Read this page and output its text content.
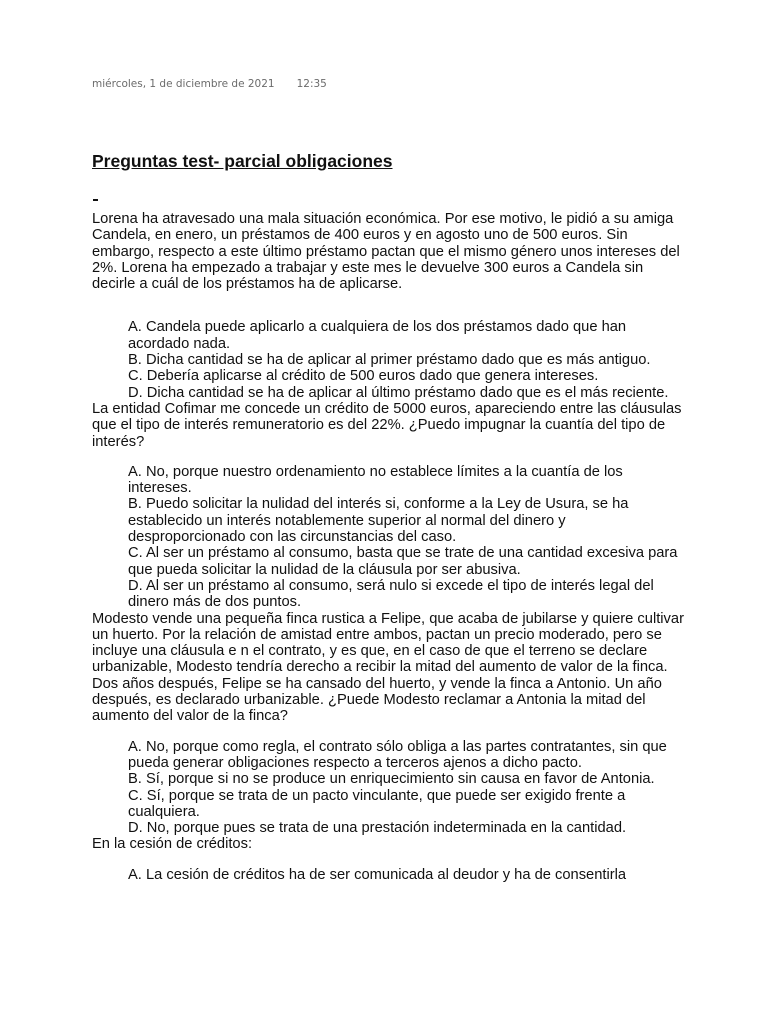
miércoles, 1 de diciembre de 2021 12:35
Preguntas test- parcial obligaciones

Lorena ha atravesado una mala situación económica. Por ese motivo, le pidió a su amiga Candela, en enero, un préstamos de 400 euros y en agosto uno de 500 euros. Sin embargo, respecto a este último préstamo pactan que el mismo género unos intereses del 2%. Lorena ha empezado a trabajar y este mes le devuelve 300 euros a Candela sin decirle a cuál de los préstamos ha de aplicarse.

A. Candela puede aplicarlo a cualquiera de los dos préstamos dado que han acordado nada.
B. Dicha cantidad se ha de aplicar al primer préstamo dado que es más antiguo.
C. Debería aplicarse al crédito de 500 euros dado que genera intereses.
D. Dicha cantidad se ha de aplicar al último préstamo dado que es el más reciente.

La entidad Cofimar me concede un crédito de 5000 euros, apareciendo entre las cláusulas que el tipo de interés remuneratorio es del 22%. ¿Puedo impugnar la cuantía del tipo de interés?

A. No, porque nuestro ordenamiento no establece límites a la cuantía de los intereses.
B. Puedo solicitar la nulidad del interés si, conforme a la Ley de Usura, se ha establecido un interés notablemente superior al normal del dinero y desproporcionado con las circunstancias del caso.
C. Al ser un préstamo al consumo, basta que se trate de una cantidad excesiva para que pueda solicitar la nulidad de la cláusula por ser abusiva.
D. Al ser un préstamo al consumo, será nulo si excede el tipo de interés legal del dinero más de dos puntos.

Modesto vende una pequeña finca rustica a Felipe, que acaba de jubilarse y quiere cultivar un huerto. Por la relación de amistad entre ambos, pactan un precio moderado, pero se incluye una cláusula e n el contrato, y es que, en el caso de que el terreno se declare urbanizable, Modesto tendría derecho a recibir la mitad del aumento de valor de la finca. Dos años después, Felipe se ha cansado del huerto, y vende la finca a Antonio. Un año después, es declarado urbanizable. ¿Puede Modesto reclamar a Antonia la mitad del aumento del valor de la finca?

A. No, porque como regla, el contrato sólo obliga a las partes contratantes, sin que pueda generar obligaciones respecto a terceros ajenos a dicho pacto.
B. Sí, porque si no se produce un enriquecimiento sin causa en favor de Antonia.
C. Sí, porque se trata de un pacto vinculante, que puede ser exigido frente a cualquiera.
D. No, porque pues se trata de una prestación indeterminada en la cantidad.

En la cesión de créditos:

A. La cesión de créditos ha de ser comunicada al deudor y ha de consentirla
